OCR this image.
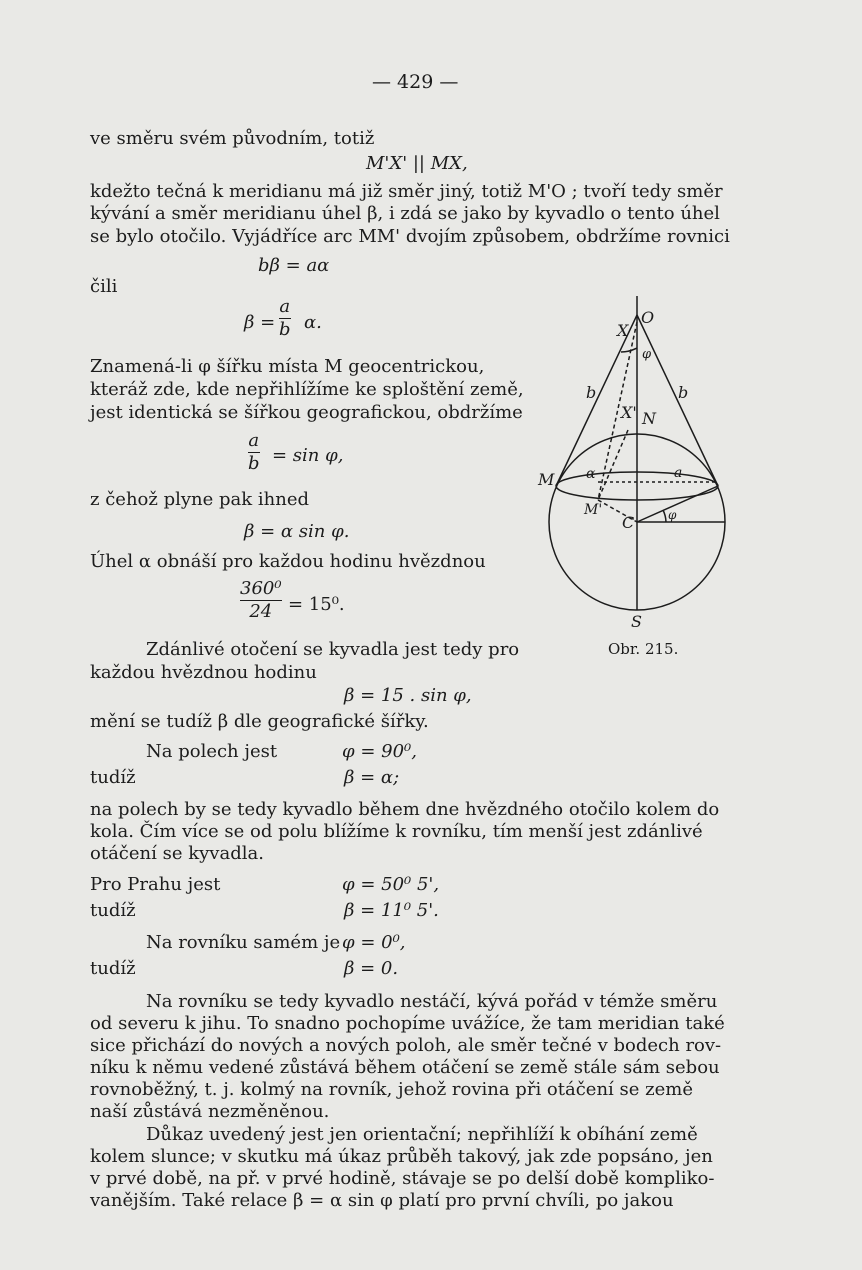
— 429 —
ve směru svém původním, totiž
M'X' || MX,
kdežto tečná k meridianu má již směr jiný, totiž M'O ; tvoří tedy směr
kývání a směr meridianu úhel β, i zdá se jako by kyvadlo o tento úhel
se bylo otočilo. Vyjádříce arc MM' dvojím způsobem, obdržíme rovnici
bβ = aα
čili
β =
a
b α.
Znamená-li φ šířku místa M geocentrickou,
kteráž zde, kde nepřihlížíme ke sploštění země,
jest identická se šířkou geografickou, obdržíme
a
b = sin φ,
z čehož plyne pak ihned
β = α sin φ.
Úhel α obnáší pro každou hodinu hvězdnou
360⁰
24 = 15⁰.
Zdánlivé otočení se kyvadla jest tedy pro
každou hvězdnou hodinu
β = 15 . sin φ,
mění se tudíž β dle geografické šířky.
Na polech jest	φ = 90⁰,
tudíž	β = α;
na polech by se tedy kyvadlo během dne hvězdného otočilo kolem do
kola. Čím více se od polu blížíme k rovníku, tím menší jest zdánlivé
otáčení se kyvadla.
Pro Prahu jest	φ = 50⁰ 5',
tudíž	β = 11⁰ 5'.
Na rovníku samém je φ = 0⁰,
tudíž	β = 0.
Na rovníku se tedy kyvadlo nestáčí, kývá pořád v témže směru
od severu k jihu. To snadno pochopíme uvážíce, že tam meridian také
sice přichází do nových a nových poloh, ale směr tečné v bodech rov-
níku k němu vedené zůstává během otáčení se země stále sám sebou
rovnoběžný, t. j. kolmý na rovník, jehož rovina při otáčení se země
naší zůstává nezměněnou.
Důkaz uvedený jest jen orientační; nepřihlíží k obíhání země
kolem slunce; v skutku má úkaz průběh takový, jak zde popsáno, jen
v prvé době, na př. v prvé hodině, stávaje se po delší době kompliko-
vanějším. Také relace β = α sin φ platí pro první chvíli, po jakou
O
X
φ
b	b
X' N
M α	a
M'
C	φ
S
Obr. 215.
